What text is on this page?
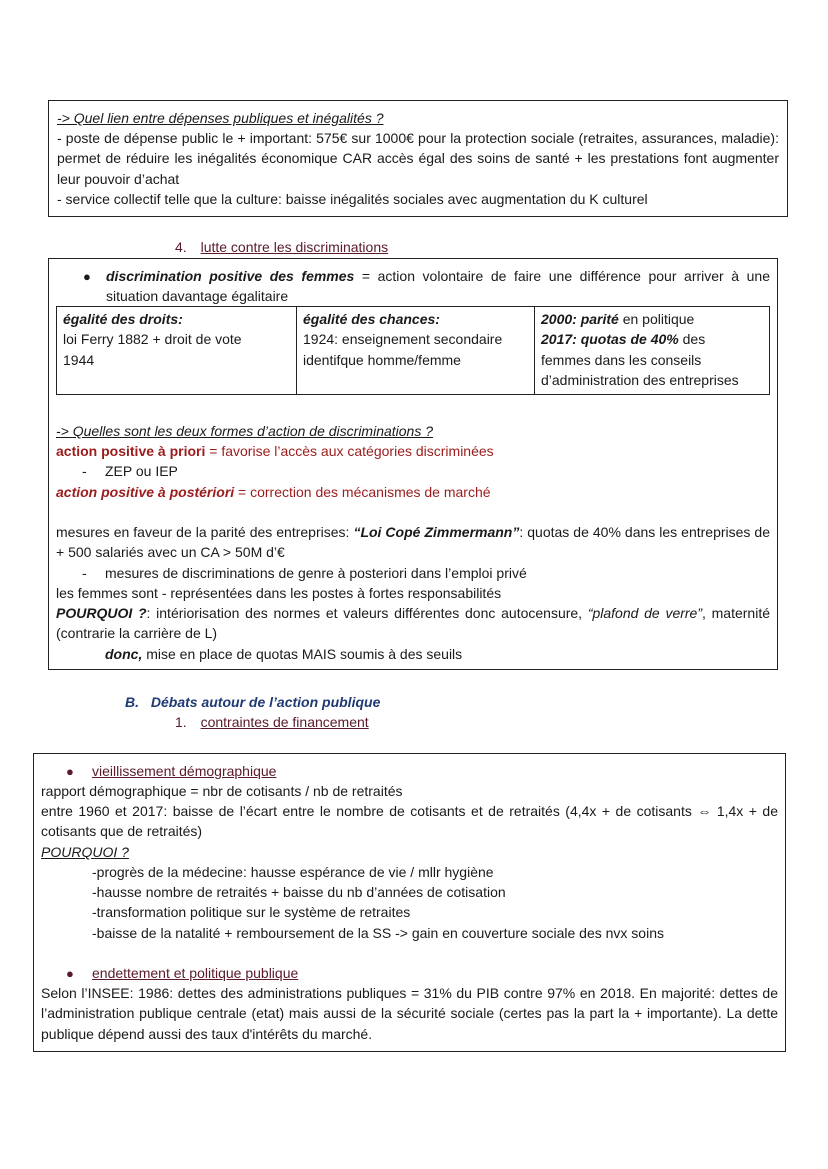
-> Quel lien entre dépenses publiques et inégalités ?
- poste de dépense public le + important: 575€ sur 1000€ pour la protection sociale (retraites, assurances, maladie): permet de réduire les inégalités économique CAR accès égal des soins de santé + les prestations font augmenter leur pouvoir d’achat
- service collectif telle que la culture: baisse inégalités sociales avec augmentation du K culturel
4. lutte contre les discriminations
● discrimination positive des femmes = action volontaire de faire une différence pour arriver à une situation davantage égalitaire
égalité des droits:
loi Ferry 1882 + droit de vote
1944

égalité des chances:
1924: enseignement secondaire
identifque homme/femme

2000: parité en politique
2017: quotas de 40% des
femmes dans les conseils
d’administration des entreprises
-> Quelles sont les deux formes d’action de discriminations ?
action positive à priori = favorise l’accès aux catégories discriminées
- ZEP ou IEP
action positive à postériori = correction des mécanismes de marché
mesures en faveur de la parité des entreprises: “Loi Copé Zimmermann”: quotas de 40% dans les entreprises de + 500 salariés avec un CA > 50M d’€
- mesures de discriminations de genre à posteriori dans l’emploi privé
les femmes sont - représentées dans les postes à fortes responsabilités
POURQUOI ?: intériorisation des normes et valeurs différentes donc autocensure, “plafond de verre”, maternité (contrarie la carrière de L)
donc, mise en place de quotas MAIS soumis à des seuils
B. Débats autour de l’action publique
1. contraintes de financement
● vieillissement démographique
rapport démographique = nbr de cotisants / nb de retraités
entre 1960 et 2017: baisse de l’écart entre le nombre de cotisants et de retraités (4,4x + de cotisants ⇔ 1,4x + de cotisants que de retraités)
POURQUOI ?
-progrès de la médecine: hausse espérance de vie / mllr hygiène
-hausse nombre de retraités + baisse du nb d’années de cotisation
-transformation politique sur le système de retraites
-baisse de la natalité + remboursement de la SS -> gain en couverture sociale des nvx soins
● endettement et politique publique
Selon l’INSEE: 1986: dettes des administrations publiques = 31% du PIB contre 97% en 2018. En majorité: dettes de l’administration publique centrale (etat) mais aussi de la sécurité sociale (certes pas la part la + importante). La dette publique dépend aussi des taux d'intérêts du marché.
